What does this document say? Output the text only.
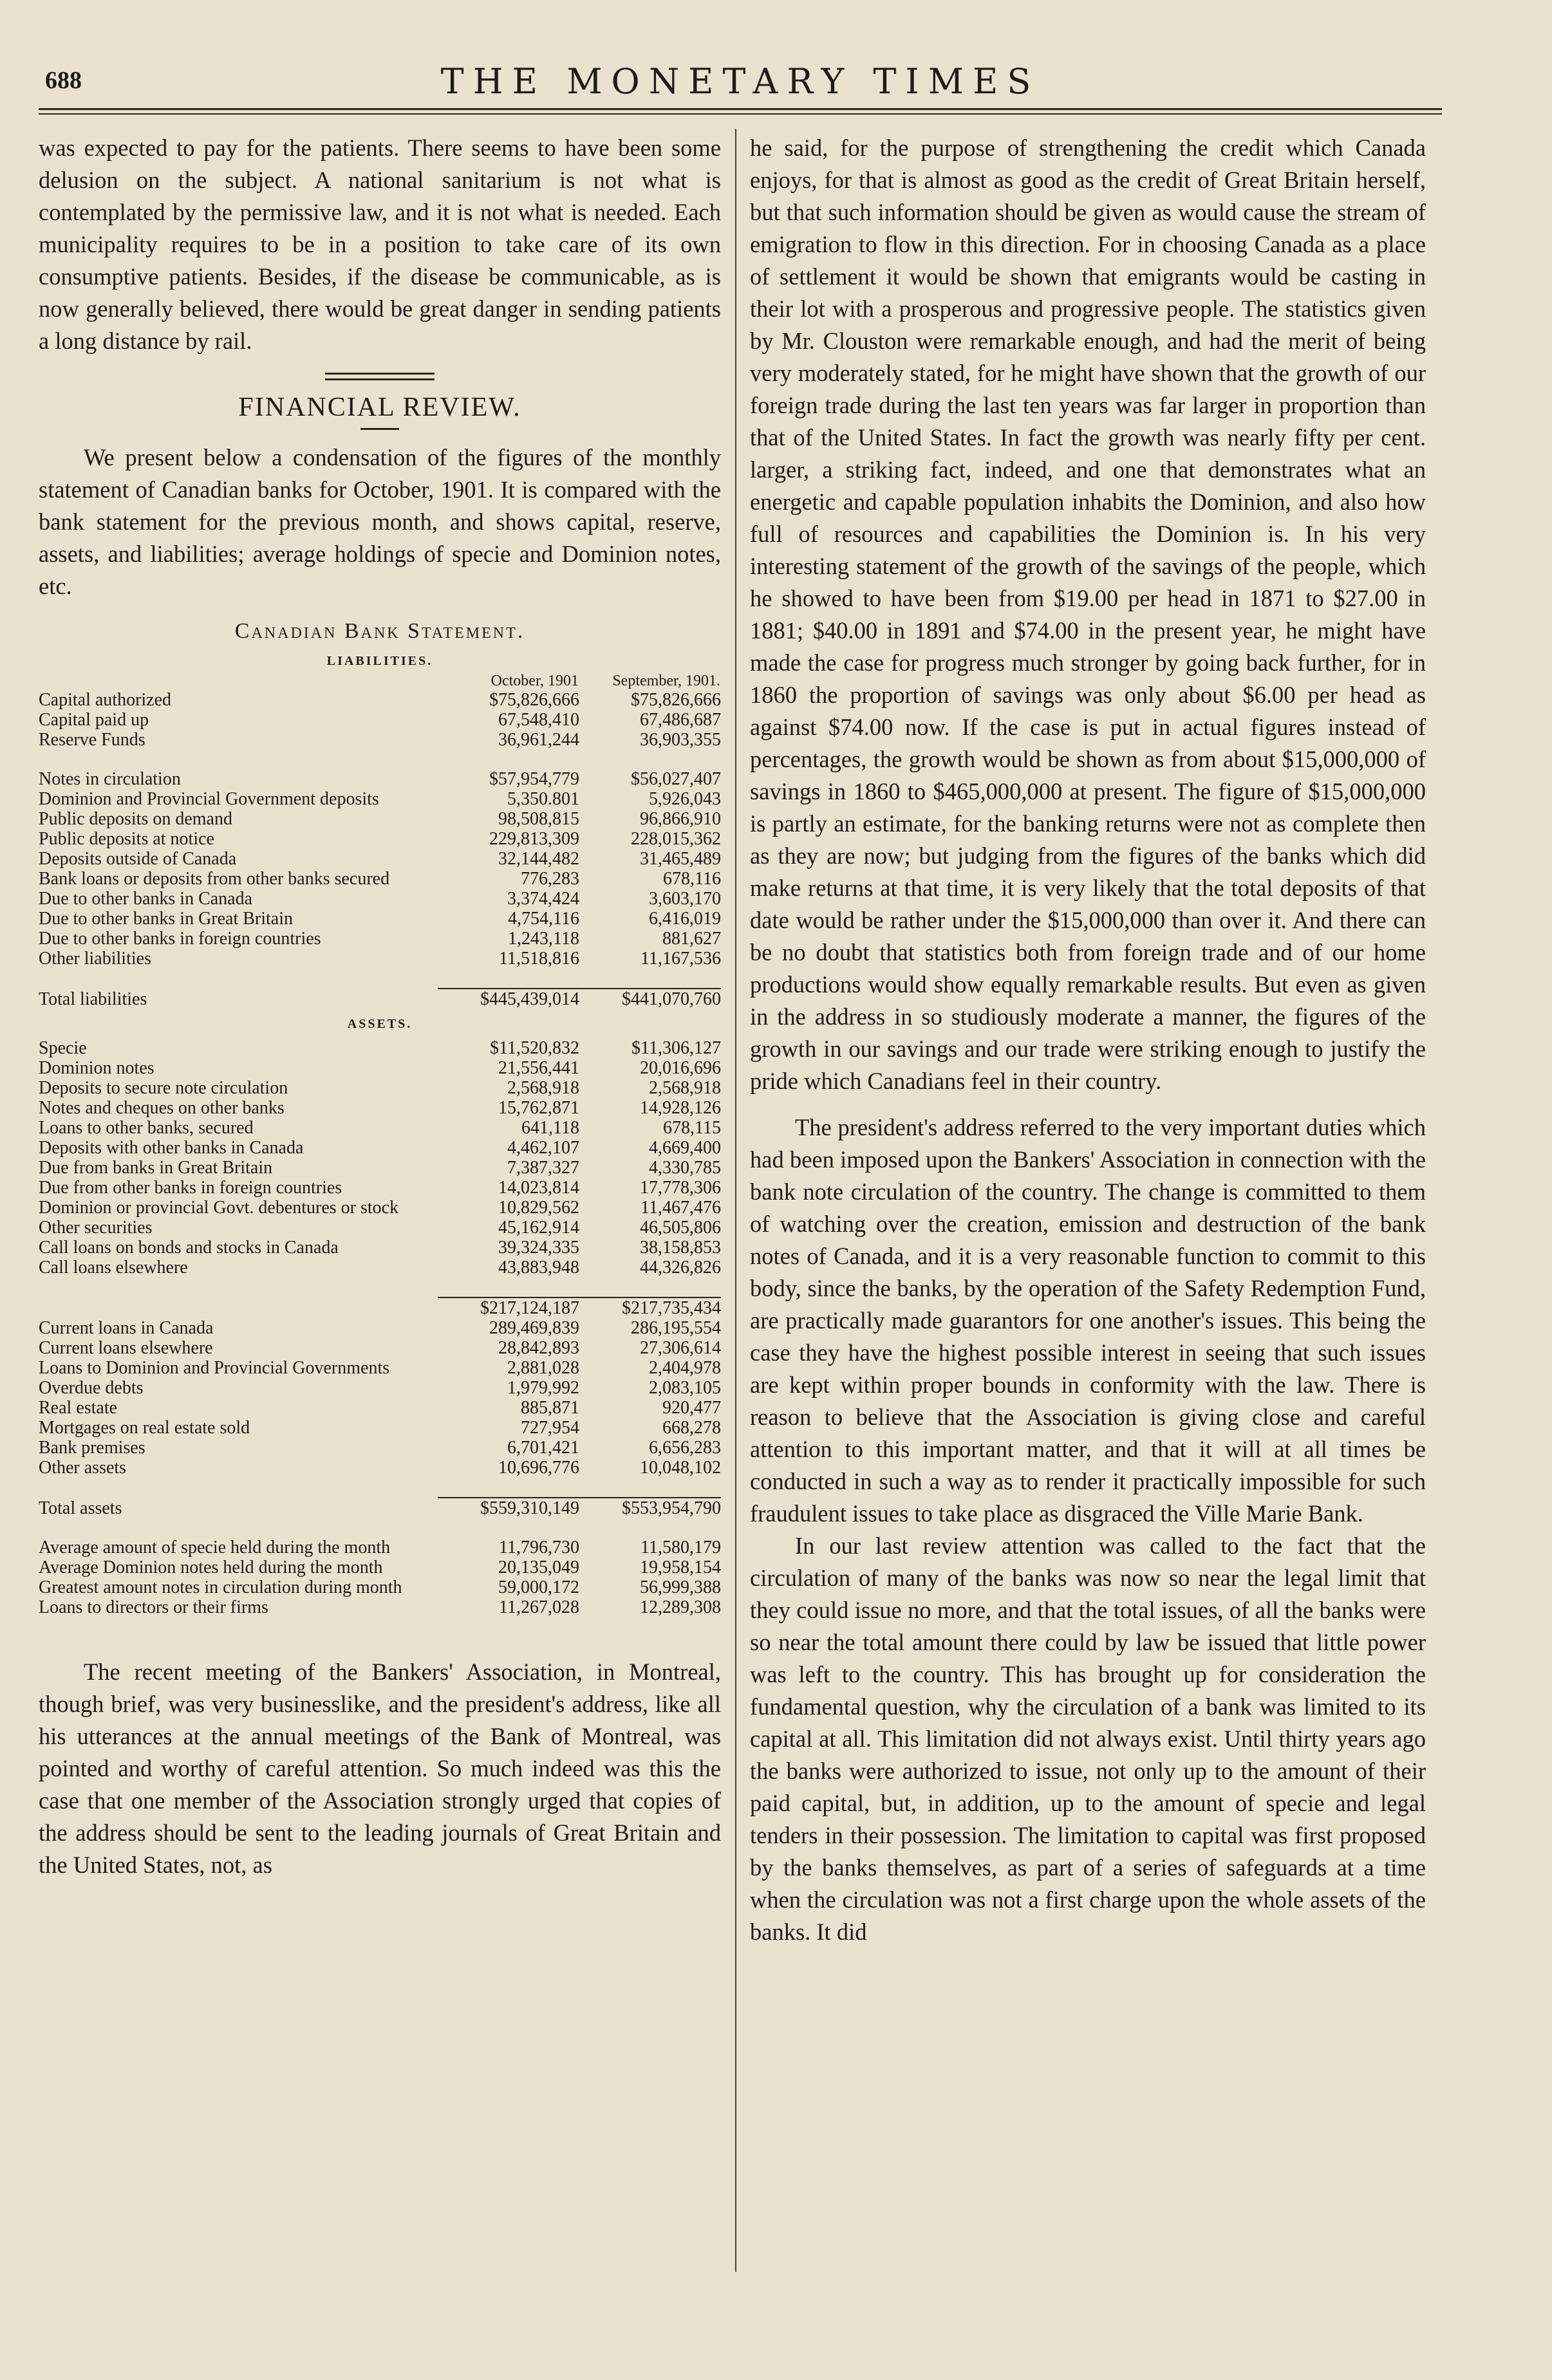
688	THE MONETARY TIMES

was expected to pay for the patients. There seems to have been some delusion on the subject. A national sanitarium is not what is contemplated by the permissive law, and it is not what is needed. Each municipality requires to be in a position to take care of its own consumptive patients. Besides, if the disease be communicable, as is now generally believed, there would be great danger in sending patients a long distance by rail.

FINANCIAL REVIEW.

We present below a condensation of the figures of the monthly statement of Canadian banks for October, 1901. It is compared with the bank statement for the previous month, and shows capital, reserve, assets, and liabilities; average holdings of specie and Dominion notes, etc.

Canadian Bank Statement.
LIABILITIES.
	October, 1901	September, 1901.
Capital authorized	$75,826,666	$75,826,666
Capital paid up	67,548,410	67,486,687
Reserve Funds	36,961,244	36,903,355

Notes in circulation	$57,954,779	$56,027,407
Dominion and Provincial Government deposits	5,350.801	5,926,043
Public deposits on demand	98,508,815	96,866,910
Public deposits at notice	229,813,309	228,015,362
Deposits outside of Canada	32,144,482	31,465,489
Bank loans or deposits from other banks secured	776,283	678,116
Due to other banks in Canada	3,374,424	3,603,170
Due to other banks in Great Britain	4,754,116	6,416,019
Due to other banks in foreign countries	1,243,118	881,627
Other liabilities	11,518,816	11,167,536

Total liabilities	$445,439,014	$441,070,760

ASSETS.		

Specie	$11,520,832	$11,306,127
Dominion notes	21,556,441	20,016,696
Deposits to secure note circulation	2,568,918	2,568,918
Notes and cheques on other banks	15,762,871	14,928,126
Loans to other banks, secured	641,118	678,115
Deposits with other banks in Canada	4,462,107	4,669,400
Due from banks in Great Britain	7,387,327	4,330,785
Due from other banks in foreign countries	14,023,814	17,778,306
Dominion or provincial Govt. debentures or stock	10,829,562	11,467,476
Other securities	45,162,914	46,505,806
Call loans on bonds and stocks in Canada	39,324,335	38,158,853
Call loans elsewhere	43,883,948	44,326,826

	$217,124,187	$217,735,434
Current loans in Canada	289,469,839	286,195,554
Current loans elsewhere	28,842,893	27,306,614
Loans to Dominion and Provincial Governments	2,881,028	2,404,978
Overdue debts	1,979,992	2,083,105
Real estate	885,871	920,477
Mortgages on real estate sold	727,954	668,278
Bank premises	6,701,421	6,656,283
Other assets	10,696,776	10,048,102

Total assets	$559,310,149	$553,954,790

Average amount of specie held during the month	11,796,730	11,580,179
Average Dominion notes held during the month	20,135,049	19,958,154
Greatest amount notes in circulation during month	59,000,172	56,999,388
Loans to directors or their firms	11,267,028	12,289,308

The recent meeting of the Bankers' Association, in Montreal, though brief, was very businesslike, and the president's address, like all his utterances at the annual meetings of the Bank of Montreal, was pointed and worthy of careful attention. So much indeed was this the case that one member of the Association strongly urged that copies of the address should be sent to the leading journals of Great Britain and the United States, not, as

he said, for the purpose of strengthening the credit which Canada enjoys, for that is almost as good as the credit of Great Britain herself, but that such information should be given as would cause the stream of emigration to flow in this direction. For in choosing Canada as a place of settlement it would be shown that emigrants would be casting in their lot with a prosperous and progressive people. The statistics given by Mr. Clouston were remarkable enough, and had the merit of being very moderately stated, for he might have shown that the growth of our foreign trade during the last ten years was far larger in proportion than that of the United States. In fact the growth was nearly fifty per cent. larger, a striking fact, indeed, and one that demonstrates what an energetic and capable population inhabits the Dominion, and also how full of resources and capabilities the Dominion is. In his very interesting statement of the growth of the savings of the people, which he showed to have been from $19.00 per head in 1871 to $27.00 in 1881; $40.00 in 1891 and $74.00 in the present year, he might have made the case for progress much stronger by going back further, for in 1860 the proportion of savings was only about $6.00 per head as against $74.00 now. If the case is put in actual figures instead of percentages, the growth would be shown as from about $15,000,000 of savings in 1860 to $465,000,000 at present. The figure of $15,000,000 is partly an estimate, for the banking returns were not as complete then as they are now; but judging from the figures of the banks which did make returns at that time, it is very likely that the total deposits of that date would be rather under the $15,000,000 than over it. And there can be no doubt that statistics both from foreign trade and of our home productions would show equally remarkable results. But even as given in the address in so studiously moderate a manner, the figures of the growth in our savings and our trade were striking enough to justify the pride which Canadians feel in their country.

The president's address referred to the very important duties which had been imposed upon the Bankers' Association in connection with the bank note circulation of the country. The change is committed to them of watching over the creation, emission and destruction of the bank notes of Canada, and it is a very reasonable function to commit to this body, since the banks, by the operation of the Safety Redemption Fund, are practically made guarantors for one another's issues. This being the case they have the highest possible interest in seeing that such issues are kept within proper bounds in conformity with the law. There is reason to believe that the Association is giving close and careful attention to this important matter, and that it will at all times be conducted in such a way as to render it practically impossible for such fraudulent issues to take place as disgraced the Ville Marie Bank.

In our last review attention was called to the fact that the circulation of many of the banks was now so near the legal limit that they could issue no more, and that the total issues, of all the banks were so near the total amount there could by law be issued that little power was left to the country. This has brought up for consideration the fundamental question, why the circulation of a bank was limited to its capital at all. This limitation did not always exist. Until thirty years ago the banks were authorized to issue, not only up to the amount of their paid capital, but, in addition, up to the amount of specie and legal tenders in their possession. The limitation to capital was first proposed by the banks themselves, as part of a series of safeguards at a time when the circulation was not a first charge upon the whole assets of the banks. It did
